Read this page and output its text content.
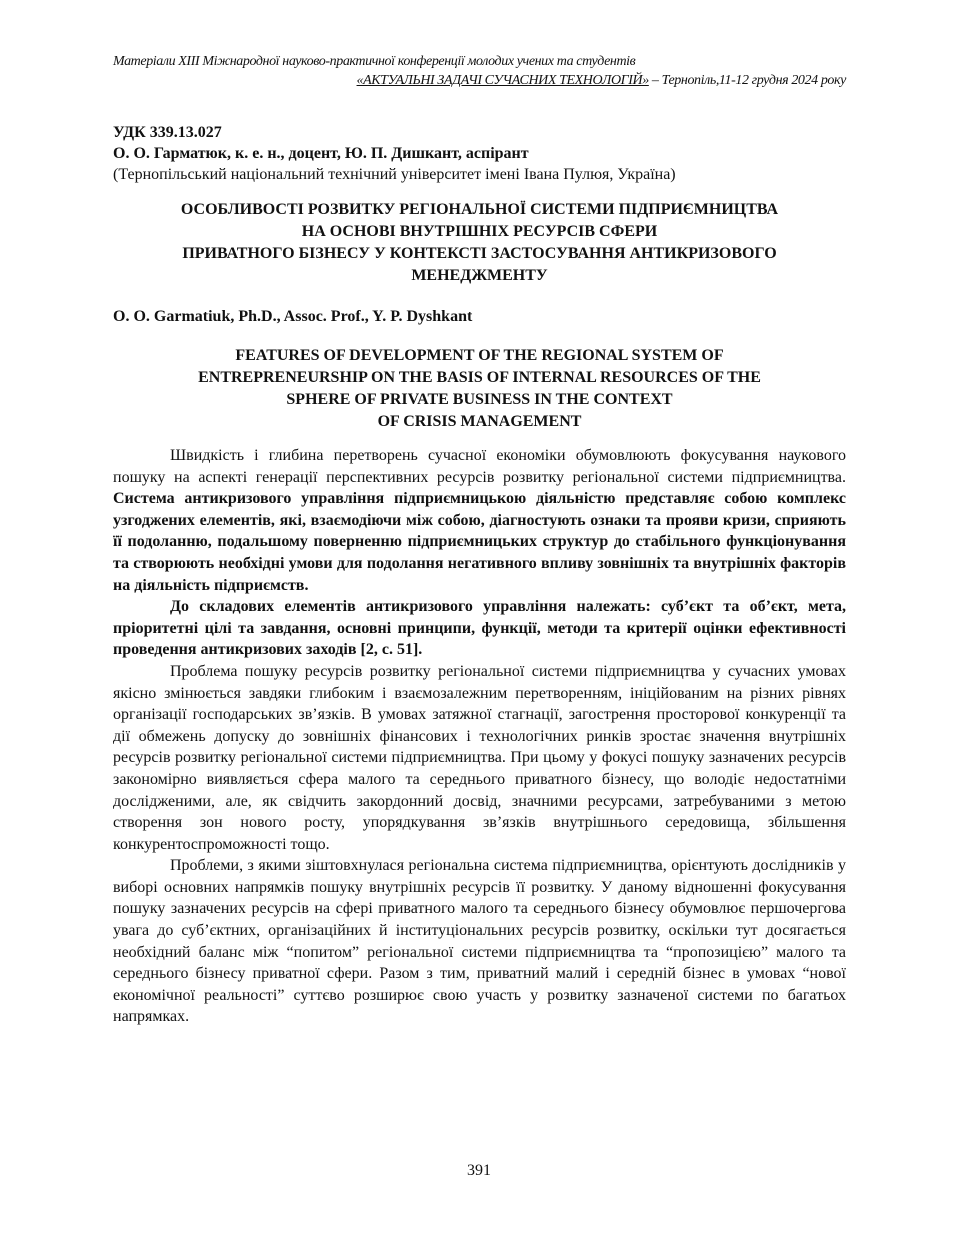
Матеріали XIIІ Міжнародної науково-практичної конференції молодих учених та студентів
«АКТУАЛЬНІ ЗАДАЧІ СУЧАСНИХ ТЕХНОЛОГІЙ» – Тернопіль,11-12 грудня 2024 року
УДК 339.13.027
О. О. Гарматюк, к. е. н., доцент, Ю. П. Дишкант, аспірант
(Тернопільський національний технічний університет імені Івана Пулюя, Україна)
ОСОБЛИВОСТІ РОЗВИТКУ РЕГІОНАЛЬНОЇ СИСТЕМИ ПІДПРИЄМНИЦТВА
НА ОСНОВІ ВНУТРІШНІХ РЕСУРСІВ СФЕРИ
ПРИВАТНОГО БІЗНЕСУ У КОНТЕКСТІ ЗАСТОСУВАННЯ АНТИКРИЗОВОГО
МЕНЕДЖМЕНТУ
O. O. Garmatiuk, Ph.D., Assoc. Prof., Y. P. Dyshkant
FEATURES OF DEVELOPMENT OF THE REGIONAL SYSTEM OF
ENTREPRENEURSHIP ON THE BASIS OF INTERNAL RESOURCES OF THE
SPHERE OF PRIVATE BUSINESS IN THE CONTEXT
OF CRISIS MANAGEMENT

Швидкість і глибина перетворень сучасної економіки обумовлюють фокусування наукового пошуку на аспекті генерації перспективних ресурсів розвитку регіональної системи підприємництва. Система антикризового управління підприємницькою діяльністю представляє собою комплекс узгоджених елементів, які, взаємодіючи між собою, діагностують ознаки та прояви кризи, сприяють її подоланню, подальшому поверненню підприємницьких структур до стабільного функціонування та створюють необхідні умови для подолання негативного впливу зовнішніх та внутрішніх факторів на діяльність підприємств.

До складових елементів антикризового управління належать: суб’єкт та об’єкт, мета, пріоритетні цілі та завдання, основні принципи, функції, методи та критерії оцінки ефективності проведення антикризових заходів [2, с. 51].

Проблема пошуку ресурсів розвитку регіональної системи підприємництва у сучасних умовах якісно змінюється завдяки глибоким і взаємозалежним перетворенням, ініційованим на різних рівнях організації господарських зв’язків. В умовах затяжної стагнації, загострення просторової конкуренції та дії обмежень допуску до зовнішніх фінансових і технологічних ринків зростає значення внутрішніх ресурсів розвитку регіональної системи підприємництва. При цьому у фокусі пошуку зазначених ресурсів закономірно виявляється сфера малого та середнього приватного бізнесу, що володіє недостатніми дослідженими, але, як свідчить закордонний досвід, значними ресурсами, затребуваними з метою створення зон нового росту, упорядкування зв’язків внутрішнього середовища, збільшення конкурентоспроможності тощо.

Проблеми, з якими зіштовхнулася регіональна система підприємництва, орієнтують дослідників у виборі основних напрямків пошуку внутрішніх ресурсів її розвитку. У даному відношенні фокусування пошуку зазначених ресурсів на сфері приватного малого та середнього бізнесу обумовлює першочергова увага до суб’єктних, організаційних й інституціональних ресурсів розвитку, оскільки тут досягається необхідний баланс між “попитом” регіональної системи підприємництва та “пропозицією” малого та середнього бізнесу приватної сфери. Разом з тим, приватний малий і середній бізнес в умовах “нової економічної реальності” суттєво розширює свою участь у розвитку зазначеної системи по багатьох напрямках.

391
